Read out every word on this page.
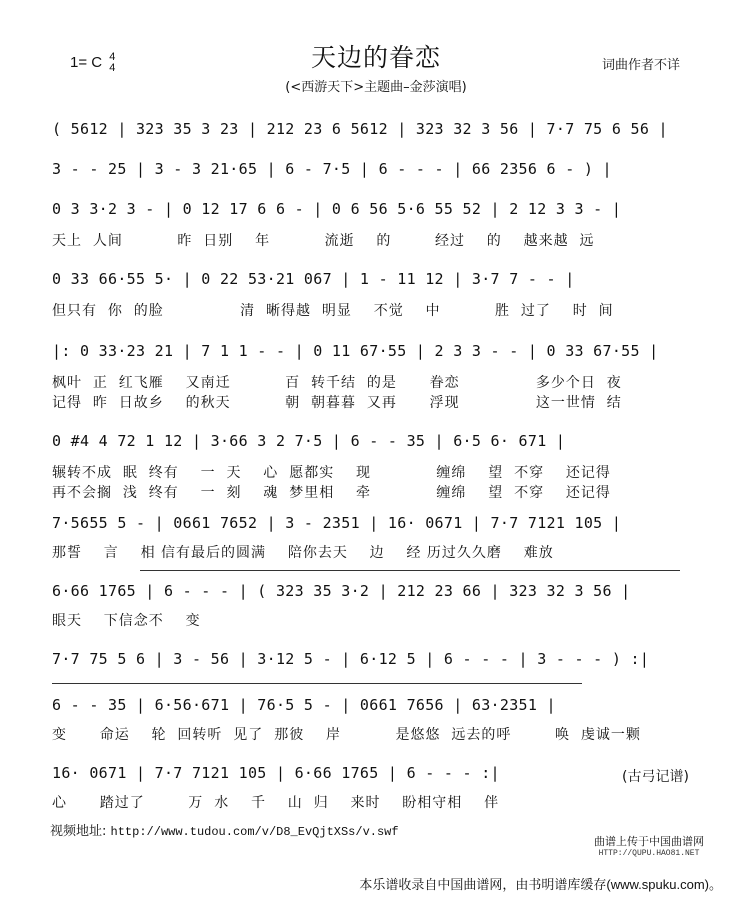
1= C 4
4	天边的眷恋
(<西游天下>主题曲–金莎演唱)
词曲作者不详
( 5612 | 323 35 3 23 | 212 23 6 5612 | 323 32 3 56 | 7·7 75 6 56 |
3 - - 25 | 3 - 3 21·65 | 6 - 7·5 | 6 - - - | 66 2356 6 - ) |
0 3 3·2 3 - | 0 12 17 6 6 - | 0 6 56 5·6 55 52 | 2 12 3 3 - |
天上  人间          昨  日别    年          流逝    的        经过    的    越来越  远
0 33 66·55 5· | 0 22 53·21 067 | 1 - 11 12 | 3·7 7 - - |
但只有  你  的脸              清  晰得越  明显    不觉    中          胜  过了    时  间
|: 0 33·23 21 | 7 1 1 - - | 0 11 67·55 | 2 3 3 - - | 0 33 67·55 |
枫叶  正  红飞雁    又南迁          百  转千结  的是      眷恋              多少个日  夜
记得  昨  日故乡    的秋天          朝  朝暮暮  又再      浮现              这一世情  结
0 #4 4 72 1 12 | 3·66 3 2 7·5 | 6 - - 35 | 6·5 6· 671 |
辗转不成  眠  终有    一  天    心  愿都实    现            缠绵    望  不穿    还记得
再不会搁  浅  终有    一  刻    魂  梦里相    牵            缠绵    望  不穿    还记得
7·5655 5 - | 0661 7652 | 3 - 2351 | 16· 0671 | 7·7 7121 105 |
那誓    言    相 信有最后的圆满    陪你去天    边    经 历过久久磨    难放
6·66 1765 | 6 - - - | ( 323 35 3·2 | 212 23 66 | 323 32 3 56 |
眼天    下信念不    变
7·7 75 5 6 | 3 - 56 | 3·12 5 - | 6·12 5 | 6 - - - | 3 - - - ) :|
6 - - 35 | 6·56·671 | 76·5 5 - | 0661 7656 | 63·2351 |
变      命运    轮  回转听  见了  那彼    岸          是悠悠  远去的呼        唤  虔诚一颗
16· 0671 | 7·7 7121 105 | 6·66 1765 | 6 - - - :|	(古弓记谱)
心      踏过了        万  水    千    山  归    来时    盼相守相    伴
视频地址: http://www.tudou.com/v/D8_EvQjtXSs/v.swf
曲谱上传于中国曲谱网
HTTP://QUPU.HAO81.NET
本乐谱收录自中国曲谱网，由书明谱库缓存(www.spuku.com)。
